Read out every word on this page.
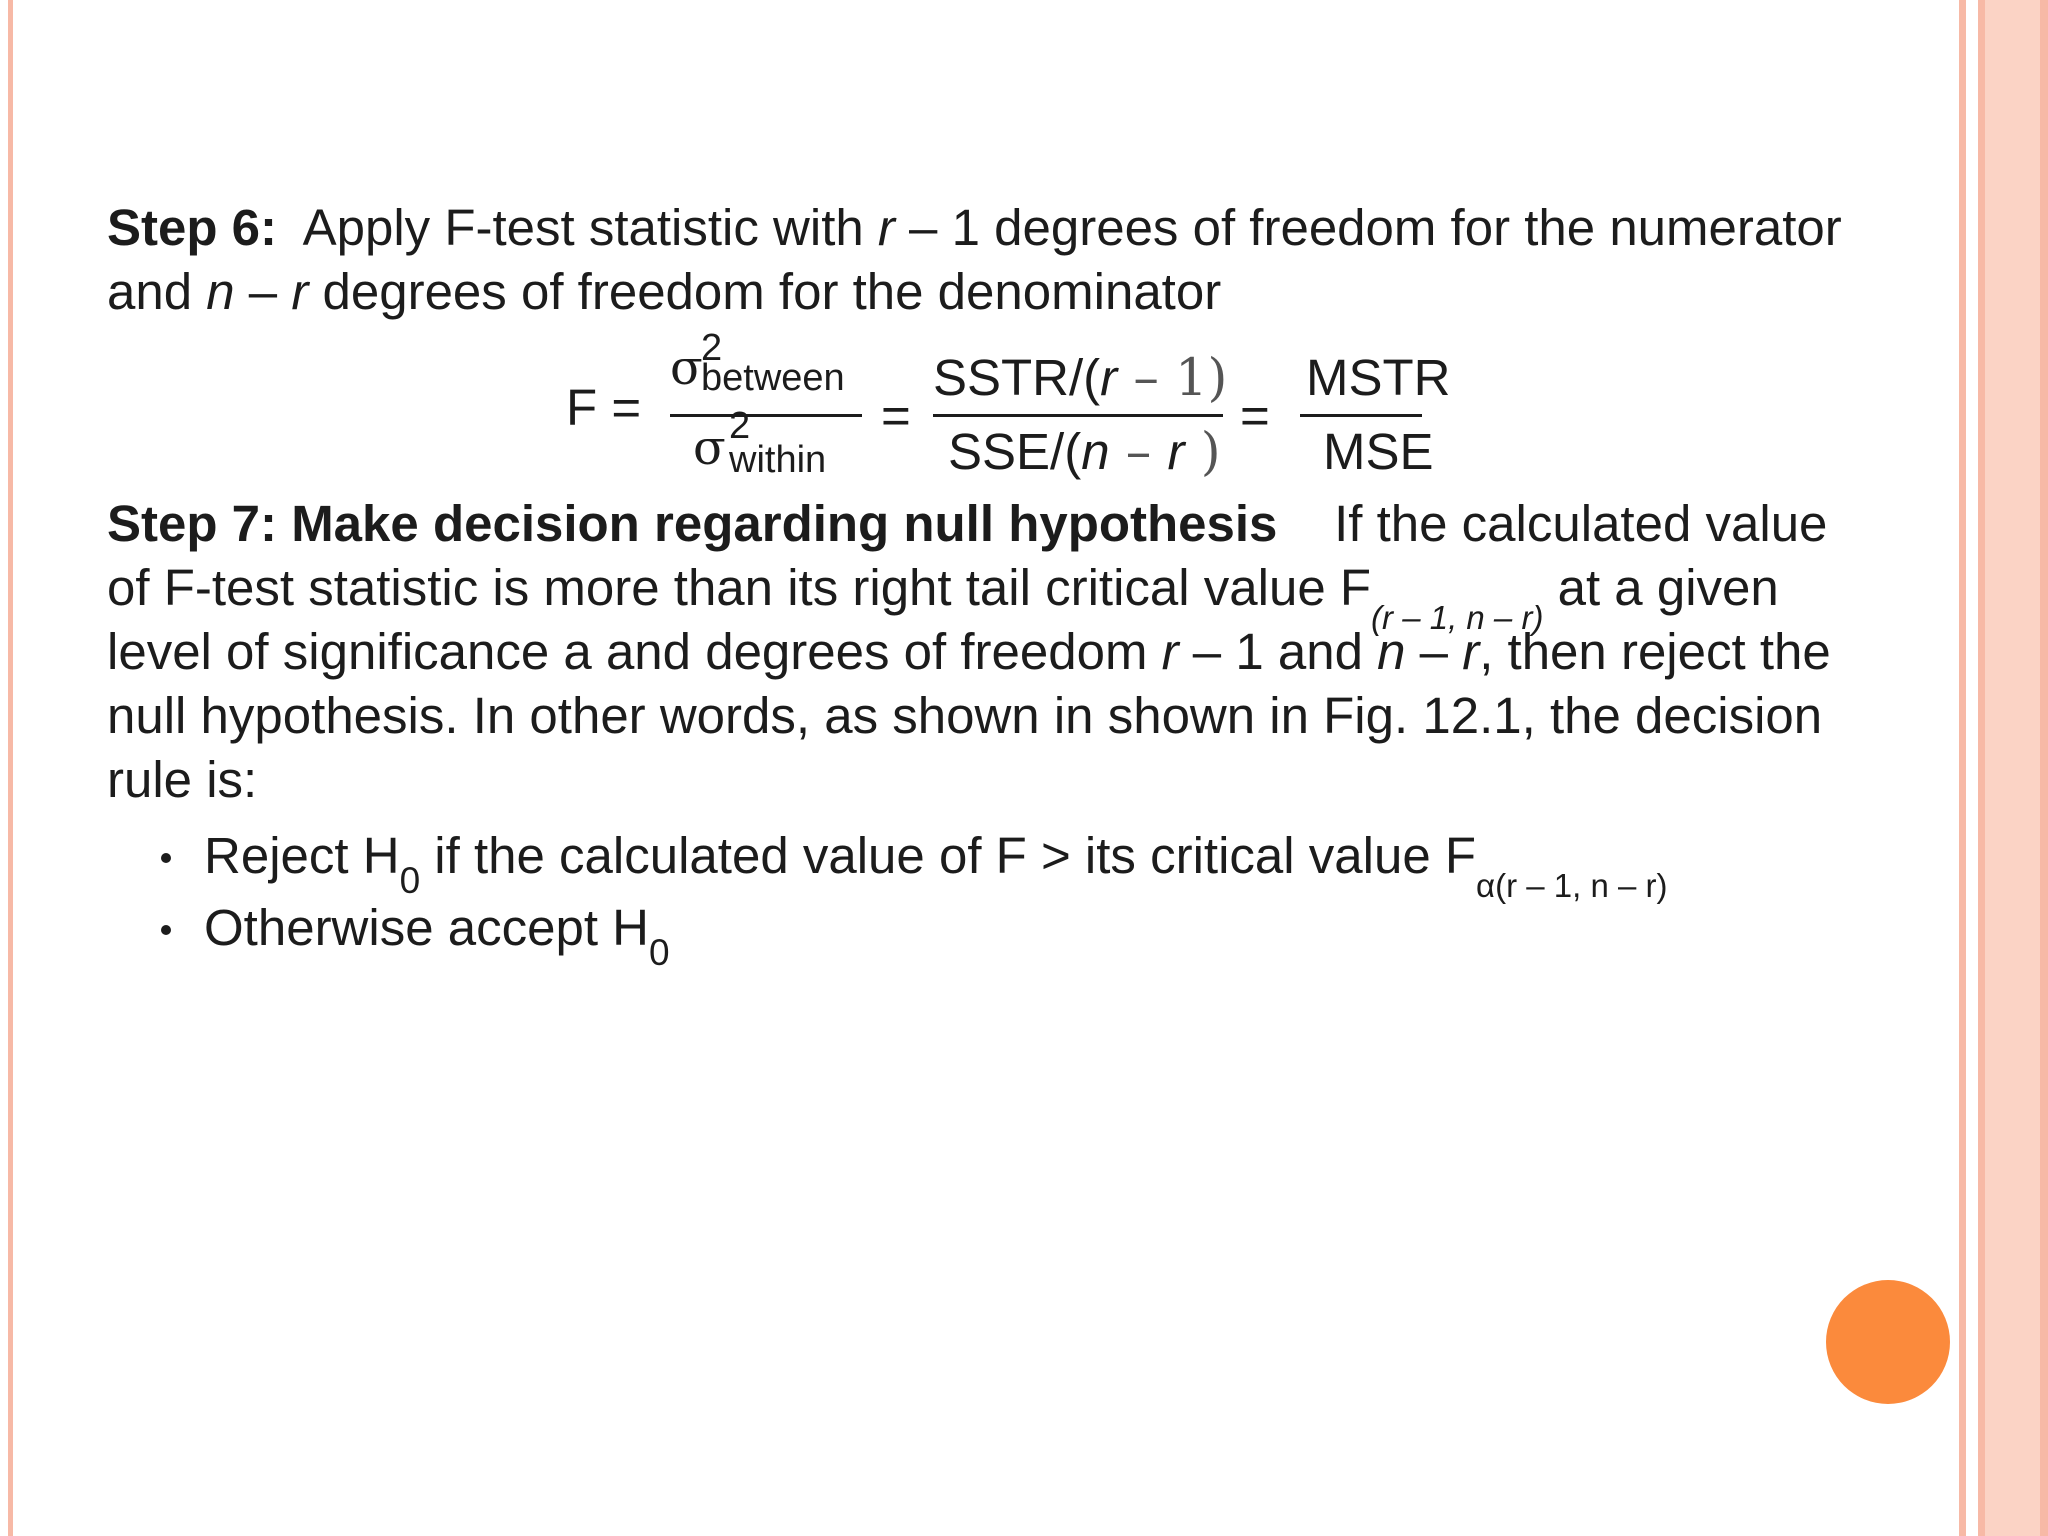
Step 6: Apply F-test statistic with r – 1 degrees of freedom for the numerator
and n – r degrees of freedom for the denominator

F =
σ
2
between
σ 2
within
=
SSTR/(r – 1)
SSE/(n – r )
=
MSTR
MSE

Step 7: Make decision regarding null hypothesis If the calculated value
of F-test statistic is more than its right tail critical value $F_{(r - 1, n - r)}$ at a given
level of significance a and degrees of freedom r – 1 and n – r, then reject the
null hypothesis. In other words, as shown in shown in Fig. 12.1, the decision
rule is:

Reject $H_0$ if the calculated value of F > its critical value $F_{\alpha(r - 1, n - r)}$
Otherwise accept $H_0$
